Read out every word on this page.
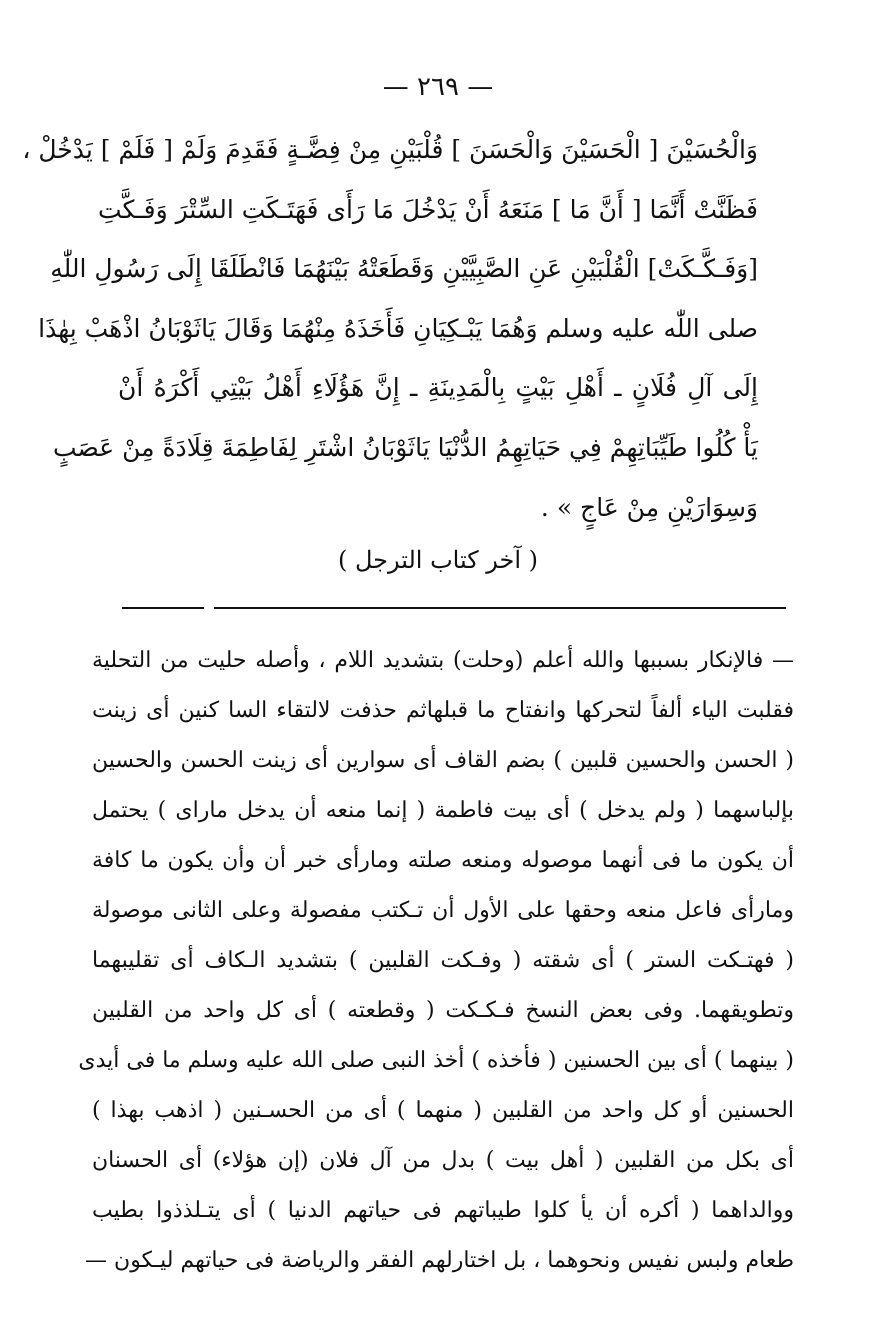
— ٢٦٩ —
وَالْحُسَيْنَ [ الْحَسَيْنَ وَالْحَسَنَ ] قُلْبَيْنِ مِنْ فِضَّـةٍ فَقَدِمَ وَلَمْ [ فَلَمْ ] يَدْخُلْ ،
فَظَنَّتْ أَنَّمَا [ أَنَّ مَا ] مَنَعَهُ أَنْ يَدْخُلَ مَا رَأَى فَهَتَـكَتِ السِّتْرَ وَفَـكَّتِ
[وَفَـكَّـكَتْ] الْقُلْبَيْنِ عَنِ الصَّبِيَّيْنِ وَقَطَعَتْهُ بَيْنَهُمَا فَانْطَلَقَا إِلَى رَسُولِ اللّٰهِ
صلى اللّٰه عليه وسلم وَهُمَا يَبْـكِيَانِ فَأَخَذَهُ مِنْهُمَا وَقَالَ يَاثَوْبَانُ اذْهَبْ بِهٰذَا
إِلَى آلِ فُلَانٍ ـ أَهْلِ بَيْتٍ بِالْمَدِينَةِ ـ إِنَّ هَؤُلَاءِ أَهْلُ بَيْتِي أَكْرَهُ أَنْ
يَأْ كُلُوا طَيِّبَاتِهِمْ فِي حَيَاتِهِمُ الدُّنْيَا يَاثَوْبَانُ اشْتَرِ لِفَاطِمَةَ قِلَادَةً مِنْ عَصَبٍ
وَسِوَارَيْنِ مِنْ عَاجٍ » .
( آخر كتاب الترجل )
— فالإنكار بسببها والله أعلم (وحلت) بتشديد اللام ، وأصله حليت من التحلية
فقلبت الياء ألفاً لتحركها وانفتاح ما قبلهاثم حذفت لالتقاء السا كنين أى زينت
( الحسن والحسين قلبين ) بضم القاف أى سوارين أى زينت الحسن والحسين
بإلباسهما ( ولم يدخل ) أى بيت فاطمة ( إنما منعه أن يدخل ماراى ) يحتمل
أن يكون ما فى أنهما موصوله ومنعه صلته ومارأى خبر أن وأن يكون ما كافة
ومارأى فاعل منعه وحقها على الأول أن تـكتب مفصولة وعلى الثانى موصولة
( فهتـكت الستر ) أى شقته ( وفـكت القلبين ) بتشديد الـكاف أى تقليبهما
وتطويقهما. وفى بعض النسخ فـكـكت ( وقطعته ) أى كل واحد من القلبين
( بينهما ) أى بين الحسنين ( فأخذه ) أخذ النبى صلى الله عليه وسلم ما فى أيدى
الحسنين أو كل واحد من القلبين ( منهما ) أى من الحسـنين ( اذهب بهذا )
أى بكل من القلبين ( أهل بيت ) بدل من آل فلان (إن هؤلاء) أى الحسنان
ووالداهما ( أكره أن يأ كلوا طيباتهم فى حياتهم الدنيا ) أى يتـلذذوا بطيب
طعام ولبس نفيس ونحوهما ، بل اختارلهم الفقر والرياضة فى حياتهم ليـكون —
